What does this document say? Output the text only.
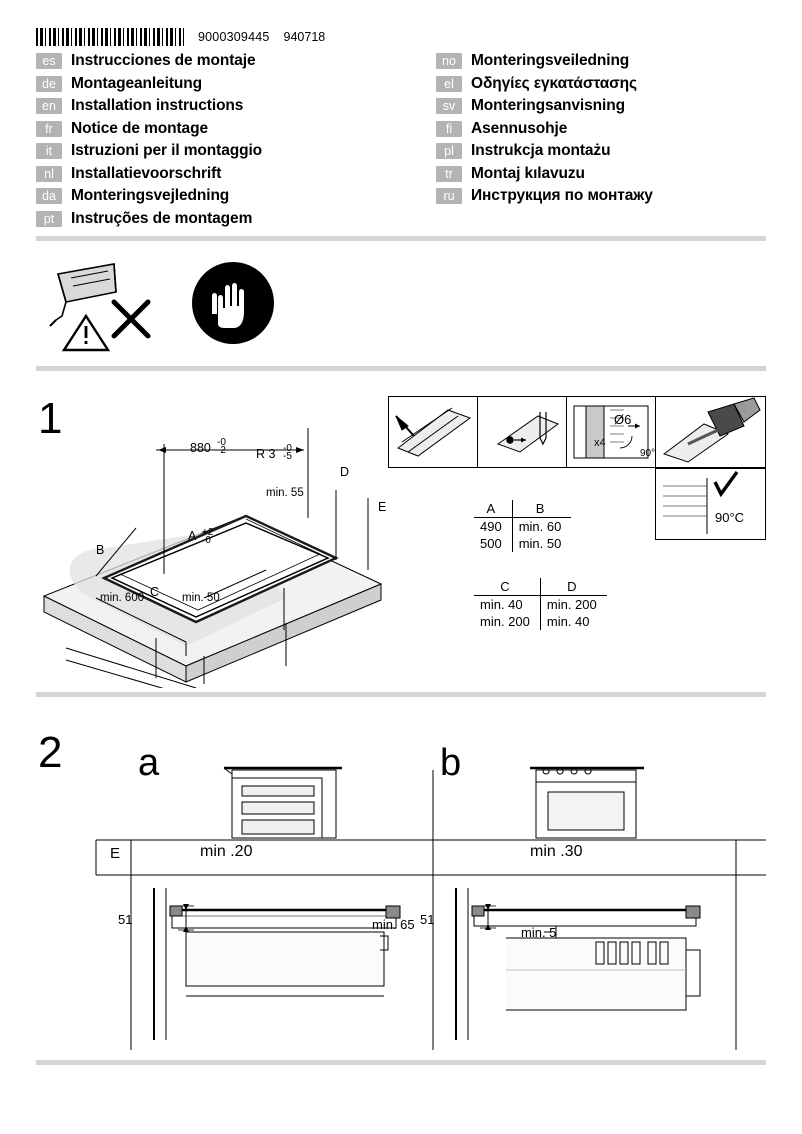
9000309445 940718
es Instrucciones de montaje
de Montageanleitung
en Installation instructions
fr	Notice de montage
it	Istruzioni per il montaggio
nl	Installatievoorschrift
da Monteringsvejledning
pt	Instruções de montagem
no Monteringsveiledning
el	Οδηγίες εγκατάστασης
sv	Monteringsanvisning
fi	Asennusohje
pl	Instrukcja montażu
tr	Montaj kılavuzu
ru	Инструкция по монтажу
1
880 -0
-2 R 3 -0
-5
D
E
B
C
min. 55
min. 600	min. 50
A +2
-0
Ø6
x4
90°
90°C
A	B

490	min. 60
500	min. 50
C	D

min. 40	min. 200
min. 200	min. 40
2 a	b
E	min .20	min .30
51	min. 65 51
min. 5
